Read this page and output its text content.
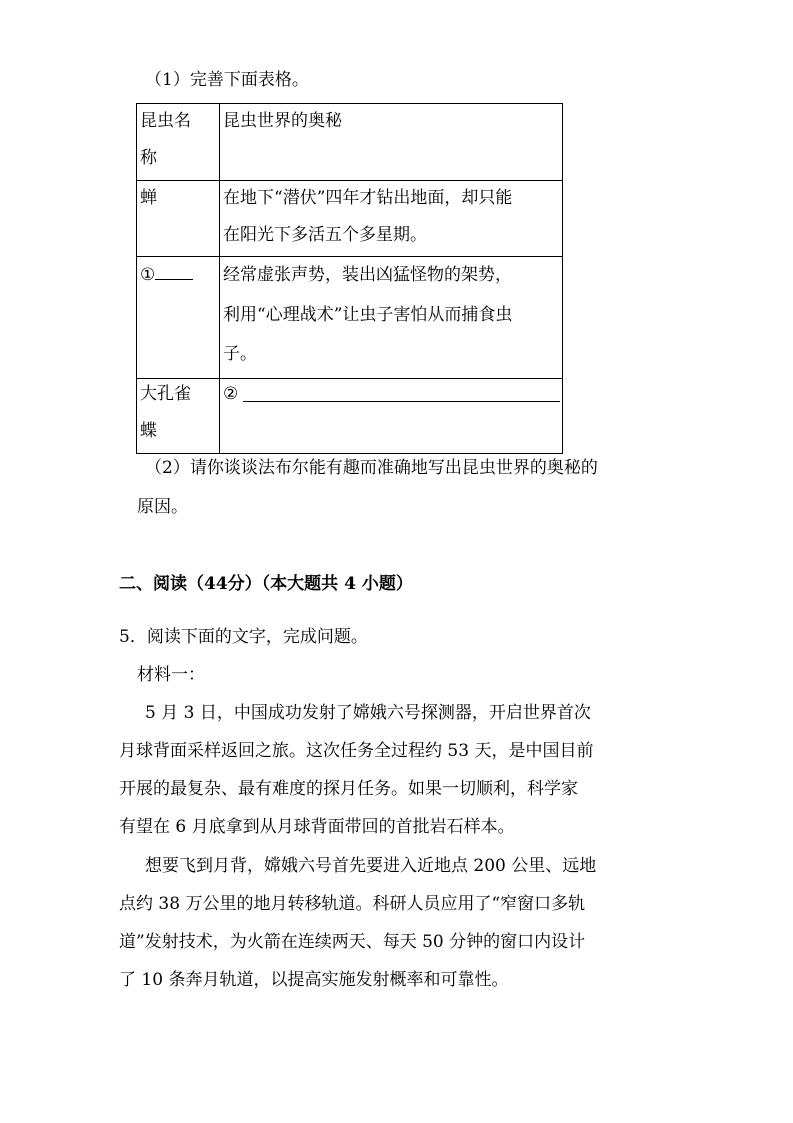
（1）完善下面表格。
昆虫名
称
昆虫世界的奥秘
蝉	在地下“潜伏”四年才钻出地面，却只能
在阳光下多活五个多星期。
①	经常虚张声势，装出凶猛怪物的架势，
利用“心理战术”让虫子害怕从而捕食虫
子。
大孔雀
蝶
②
（2）请你谈谈法布尔能有趣而准确地写出昆虫世界的奥秘的
原因。
二、阅读（44分）（本大题共 4 小题）
5．阅读下面的文字，完成问题。
材料一：
5 月 3 日，中国成功发射了嫦娥六号探测器，开启世界首次
月球背面采样返回之旅。这次任务全过程约 53 天，是中国目前
开展的最复杂、最有难度的探月任务。如果一切顺利，科学家
有望在 6 月底拿到从月球背面带回的首批岩石样本。
想要飞到月背，嫦娥六号首先要进入近地点 200 公里、远地
点约 38 万公里的地月转移轨道。科研人员应用了“窄窗口多轨
道”发射技术，为火箭在连续两天、每天 50 分钟的窗口内设计
了 10 条奔月轨道，以提高实施发射概率和可靠性。
